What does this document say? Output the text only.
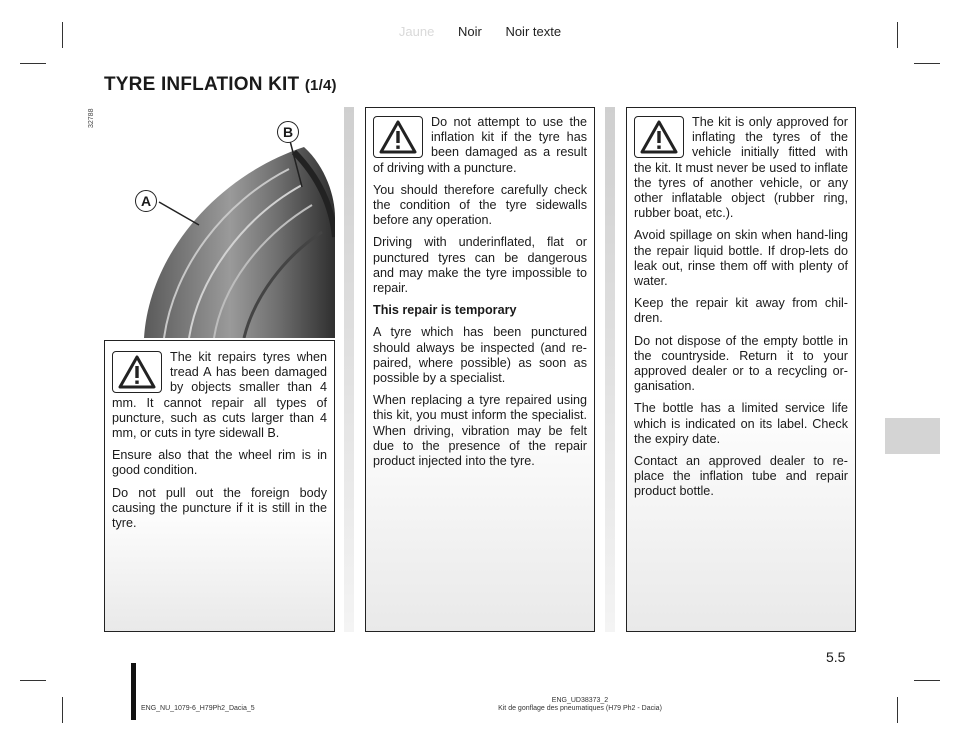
Jaune Noir Noir texte
TYRE INFLATION KIT (1/4)
32788
A
B

The kit repairs tyres when tread A has been damaged by objects smaller than 4 mm. It cannot repair all types of puncture, such as cuts larger than 4 mm, or cuts in tyre sidewall B.

Ensure also that the wheel rim is in good condition.

Do not pull out the foreign body causing the puncture if it is still in the tyre.

Do not attempt to use the inflation kit if the tyre has been damaged as a result of driving with a puncture.

You should therefore carefully check the condition of the tyre sidewalls before any operation.

Driving with underinflated, flat or punctured tyres can be dangerous and may make the tyre impossible to repair.

This repair is temporary

A tyre which has been punctured should always be inspected (and re-paired, where possible) as soon as possible by a specialist.

When replacing a tyre repaired using this kit, you must inform the specialist. When driving, vibration may be felt due to the presence of the repair product injected into the tyre.

The kit is only approved for inflating the tyres of the vehicle initially fitted with the kit. It must never be used to inflate the tyres of another vehicle, or any other inflatable object (rubber ring, rubber boat, etc.).

Avoid spillage on skin when hand-ling the repair liquid bottle. If drop-lets do leak out, rinse them off with plenty of water.

Keep the repair kit away from chil-dren.

Do not dispose of the empty bottle in the countryside. Return it to your approved dealer or to a recycling or-ganisation.

The bottle has a limited service life which is indicated on its label. Check the expiry date.

Contact an approved dealer to re-place the inflation tube and repair product bottle.

5.5
ENG_NU_1079-6_H79Ph2_Dacia_5
ENG_UD38373_2
Kit de gonflage des pneumatiques (H79 Ph2 - Dacia)
